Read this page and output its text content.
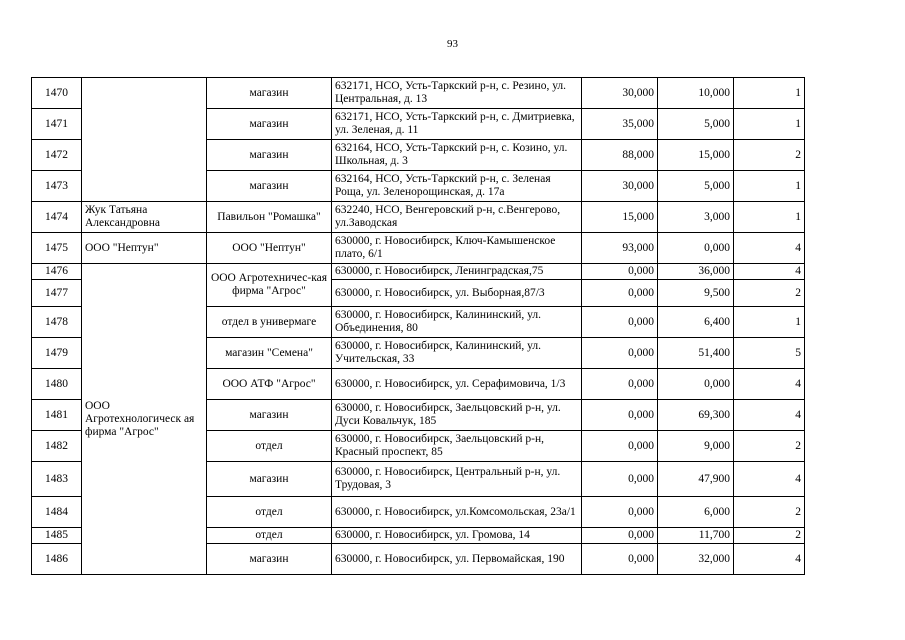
93
1470		магазин	632171, НСО, Усть-Таркский р-н, с. Резино, ул. Центральная, д. 13	30,000	10,000	1
1471		магазин	632171, НСО, Усть-Таркский р-н, с. Дмитриевка, ул. Зеленая, д. 11	35,000	5,000	1
1472		магазин	632164, НСО, Усть-Таркский р-н, с. Козино, ул. Школьная, д. 3	88,000	15,000	2
1473		магазин	632164, НСО, Усть-Таркский р-н, с. Зеленая Роща, ул. Зеленорощинская, д. 17а	30,000	5,000	1
1474	Жук Татьяна Александровна	Павильон "Ромашка"	632240, НСО, Венгеровский р-н, с.Венгерово, ул.Заводская	15,000	3,000	1
1475	ООО "Нептун"	ООО "Нептун"	630000, г. Новосибирск, Ключ-Камышенское плато, 6/1	93,000	0,000	4
1476	ООО Агротехнологическ ая фирма "Агрос"	ООО Агротехничес-кая фирма "Агрос"	630000, г. Новосибирск, Ленинградская,75	0,000	36,000	4
1477			630000, г. Новосибирск, ул. Выборная,87/3	0,000	9,500	2
1478		отдел в универмаге	630000, г. Новосибирск, Калининский, ул. Объединения, 80	0,000	6,400	1
1479		магазин "Семена"	630000, г. Новосибирск, Калининский, ул. Учительская, 33	0,000	51,400	5
1480		ООО АТФ "Агрос"	630000, г. Новосибирск, ул. Серафимовича, 1/3	0,000	0,000	4
1481		магазин	630000, г. Новосибирск, Заельцовский р-н, ул. Дуси Ковальчук, 185	0,000	69,300	4
1482		отдел	630000, г. Новосибирск, Заельцовский р-н, Красный проспект, 85	0,000	9,000	2
1483		магазин	630000, г. Новосибирск, Центральный р-н, ул. Трудовая, 3	0,000	47,900	4
1484		отдел	630000, г. Новосибирск, ул.Комсомольская, 23а/1	0,000	6,000	2
1485		отдел	630000, г. Новосибирск, ул. Громова, 14	0,000	11,700	2
1486		магазин	630000, г. Новосибирск, ул. Первомайская, 190	0,000	32,000	4
